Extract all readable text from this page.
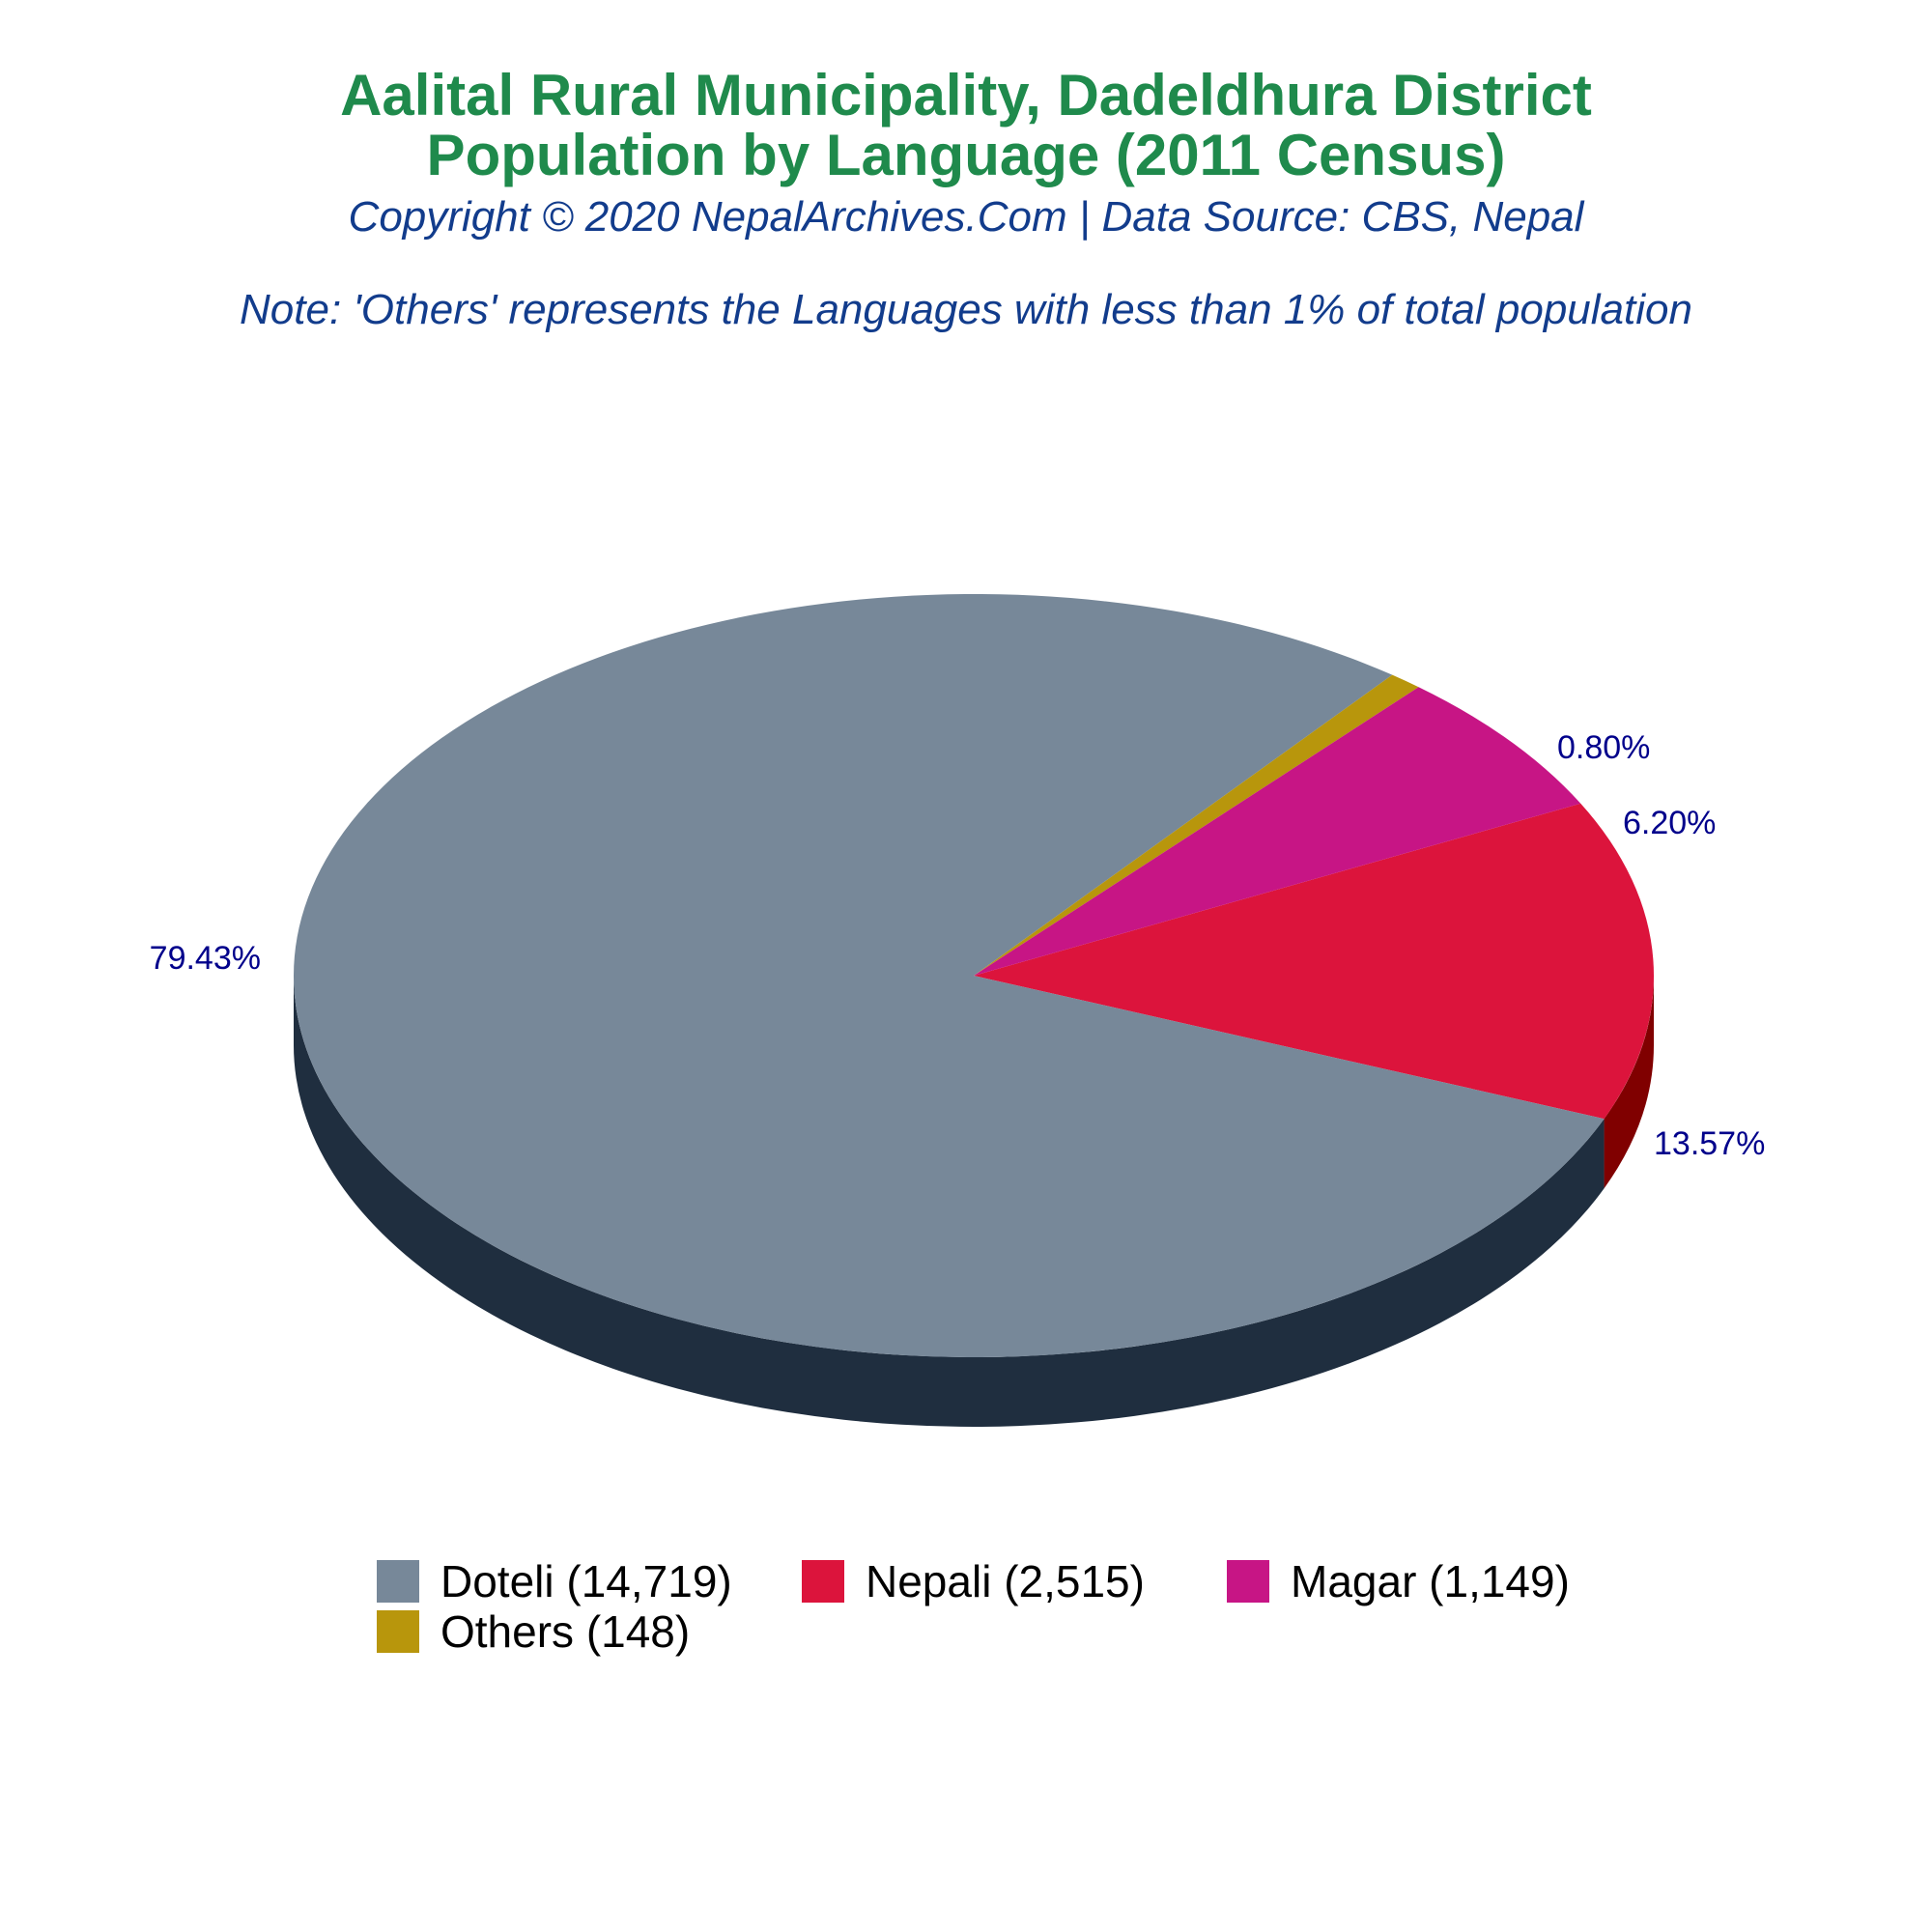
Aalital Rural Municipality, Dadeldhura District
Population by Language (2011 Census)
Copyright © 2020 NepalArchives.Com | Data Source: CBS, Nepal
Note: 'Others' represents the Languages with less than 1% of total population
79.43%
13.57%
6.20%
0.80%
Doteli (14,719)	Nepali (2,515)	Magar (1,149)
Others (148)
